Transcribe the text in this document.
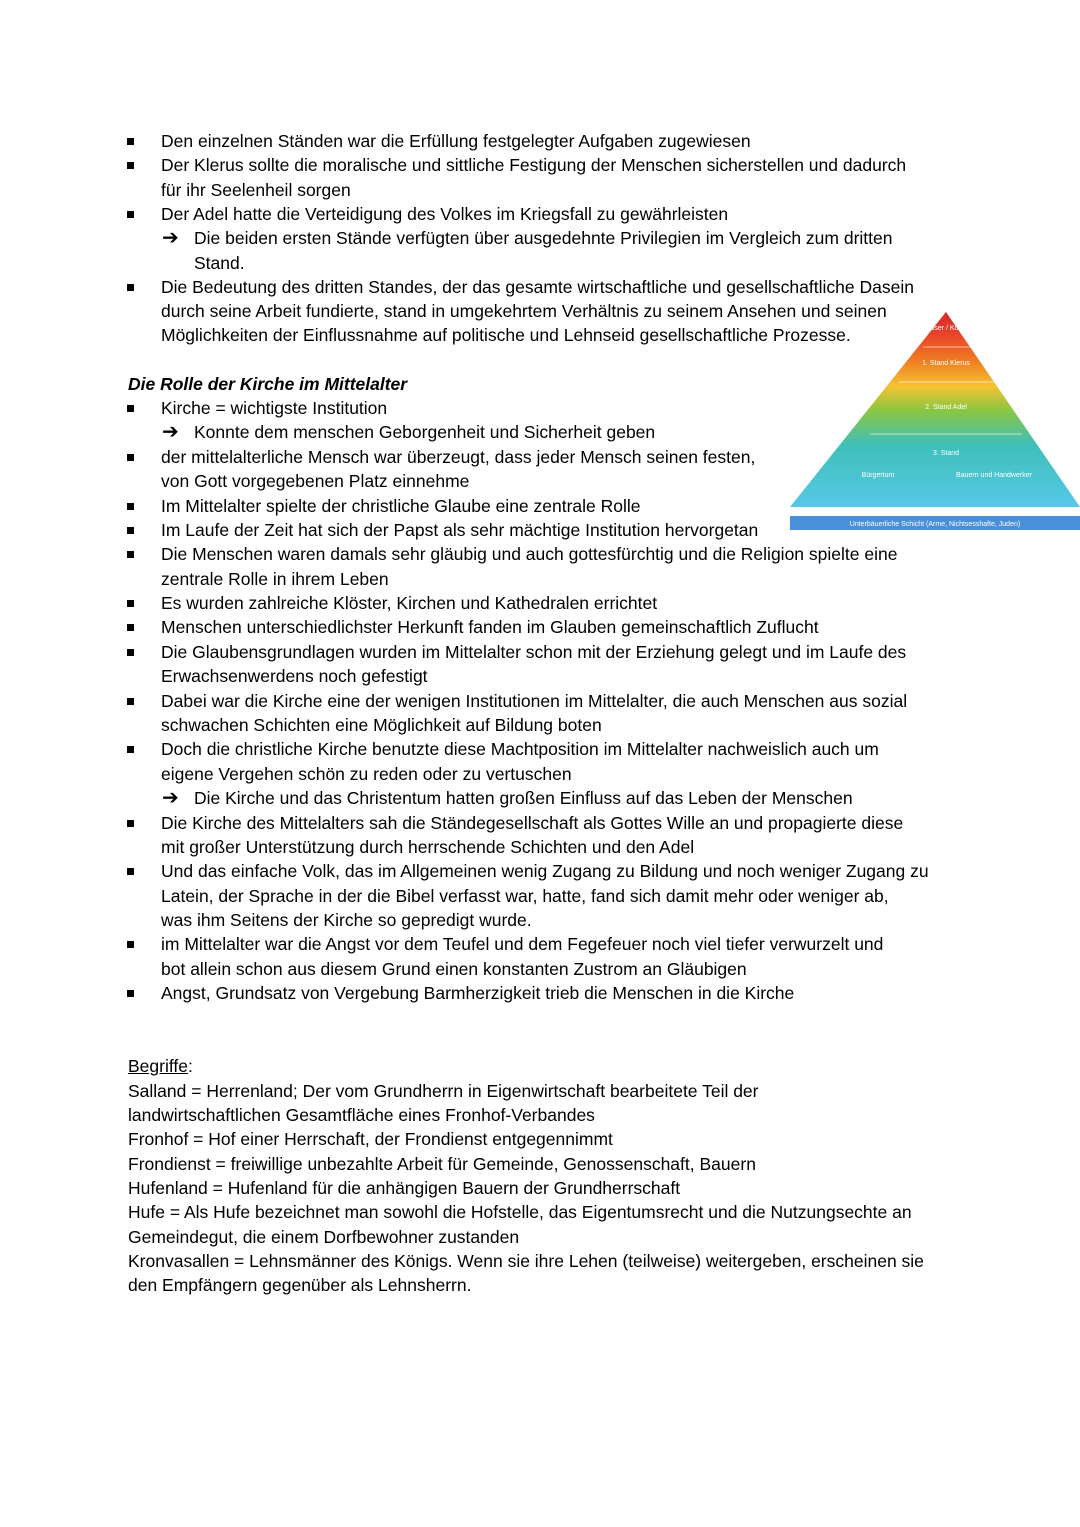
Den einzelnen Ständen war die Erfüllung festgelegter Aufgaben zugewiesen
Der Klerus sollte die moralische und sittliche Festigung der Menschen sicherstellen und dadurch
für ihr Seelenheil sorgen
Der Adel hatte die Verteidigung des Volkes im Kriegsfall zu gewährleisten
➔ Die beiden ersten Stände verfügten über ausgedehnte Privilegien im Vergleich zum dritten
Stand.
Die Bedeutung des dritten Standes, der das gesamte wirtschaftliche und gesellschaftliche Dasein
durch seine Arbeit fundierte, stand in umgekehrtem Verhältnis zu seinem Ansehen und seinen
Möglichkeiten der Einflussnahme auf politische und Lehnseid gesellschaftliche Prozesse.	Kaiser / König
1. Stand Klerus
2. Stand Adel
3. Stand
Bürgertum	Bauern und Handwerker
Unterbäuerliche Schicht (Arme, Nichtsesshafte, Juden)
Die Rolle der Kirche im Mittelalter
Kirche = wichtigste Institution
➔ Konnte dem menschen Geborgenheit und Sicherheit geben
der mittelalterliche Mensch war überzeugt, dass jeder Mensch seinen festen,
von Gott vorgegebenen Platz einnehme
Im Mittelalter spielte der christliche Glaube eine zentrale Rolle
Im Laufe der Zeit hat sich der Papst als sehr mächtige Institution hervorgetan
Die Menschen waren damals sehr gläubig und auch gottesfürchtig und die Religion spielte eine
zentrale Rolle in ihrem Leben
Es wurden zahlreiche Klöster, Kirchen und Kathedralen errichtet
Menschen unterschiedlichster Herkunft fanden im Glauben gemeinschaftlich Zuflucht
Die Glaubensgrundlagen wurden im Mittelalter schon mit der Erziehung gelegt und im Laufe des
Erwachsenwerdens noch gefestigt
Dabei war die Kirche eine der wenigen Institutionen im Mittelalter, die auch Menschen aus sozial
schwachen Schichten eine Möglichkeit auf Bildung boten
Doch die christliche Kirche benutzte diese Machtposition im Mittelalter nachweislich auch um
eigene Vergehen schön zu reden oder zu vertuschen
➔ Die Kirche und das Christentum hatten großen Einfluss auf das Leben der Menschen
Die Kirche des Mittelalters sah die Ständegesellschaft als Gottes Wille an und propagierte diese
mit großer Unterstützung durch herrschende Schichten und den Adel
Und das einfache Volk, das im Allgemeinen wenig Zugang zu Bildung und noch weniger Zugang zu
Latein, der Sprache in der die Bibel verfasst war, hatte, fand sich damit mehr oder weniger ab,
was ihm Seitens der Kirche so gepredigt wurde.
im Mittelalter war die Angst vor dem Teufel und dem Fegefeuer noch viel tiefer verwurzelt und
bot allein schon aus diesem Grund einen konstanten Zustrom an Gläubigen
Angst, Grundsatz von Vergebung Barmherzigkeit trieb die Menschen in die Kirche
Begriffe:
Salland = Herrenland; Der vom Grundherrn in Eigenwirtschaft bearbeitete Teil der
landwirtschaftlichen Gesamtfläche eines Fronhof-Verbandes
Fronhof = Hof einer Herrschaft, der Frondienst entgegennimmt
Frondienst = freiwillige unbezahlte Arbeit für Gemeinde, Genossenschaft, Bauern
Hufenland = Hufenland für die anhängigen Bauern der Grundherrschaft
Hufe = Als Hufe bezeichnet man sowohl die Hofstelle, das Eigentumsrecht und die Nutzungsechte an
Gemeindegut, die einem Dorfbewohner zustanden
Kronvasallen = Lehnsmänner des Königs. Wenn sie ihre Lehen (teilweise) weitergeben, erscheinen sie
den Empfängern gegenüber als Lehnsherrn.
